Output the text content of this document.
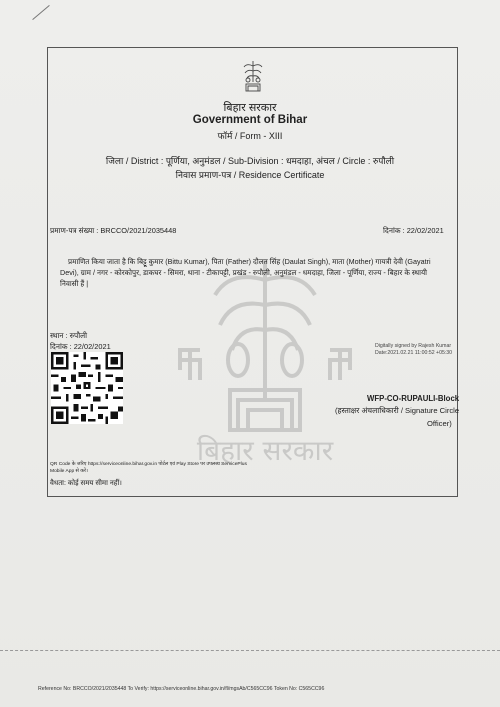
बिहार सरकार
बिहार सरकार
Government of Bihar
फॉर्म / Form - XIII
जिला / District : पूर्णिया, अनुमंडल / Sub-Division : धमदाहा, अंचल / Circle : रुपौली
निवास प्रमाण-पत्र / Residence Certificate
प्रमाण-पत्र संख्या : BRCCO/2021/2035448	दिनांक : 22/02/2021
प्रमाणित किया जाता है कि बिट्टू कुमार (Bittu Kumar), पिता (Father) दौलत सिंह (Daulat Singh), माता (Mother) गायत्री देवी (Gayatri Devi), ग्राम / नगर - कोरकोपुर, डाकघर - सिमरा, थाना - टीकापट्टी, प्रखंड - रुपौली, अनुमंडल - धमदाहा, जिला - पूर्णिया, राज्य - बिहार के स्थायी निवासी हैं |
स्थान : रुपौली
दिनांक : 22/02/2021	Digitally signed by Rajesh Kumar
Date:2021.02.21 11:00:52 +05:30
WFP-CO-RUPAULI-Block
(हस्ताक्षर अंचलाधिकारी / Signature Circle
Officer)
QR Code के जरिए https://serviceonline.bihar.gov.in पोर्टल एवं Play Store पर उपलब्ध ServicePlus
Mobile App से करें।
वैधता: कोई समय सीमा नहीं।
Reference No: BRCCO/2021/2035448 To Verify: https://serviceonline.bihar.gov.in/fl/mgsAb/C565CC96 Token No: C565CC96
